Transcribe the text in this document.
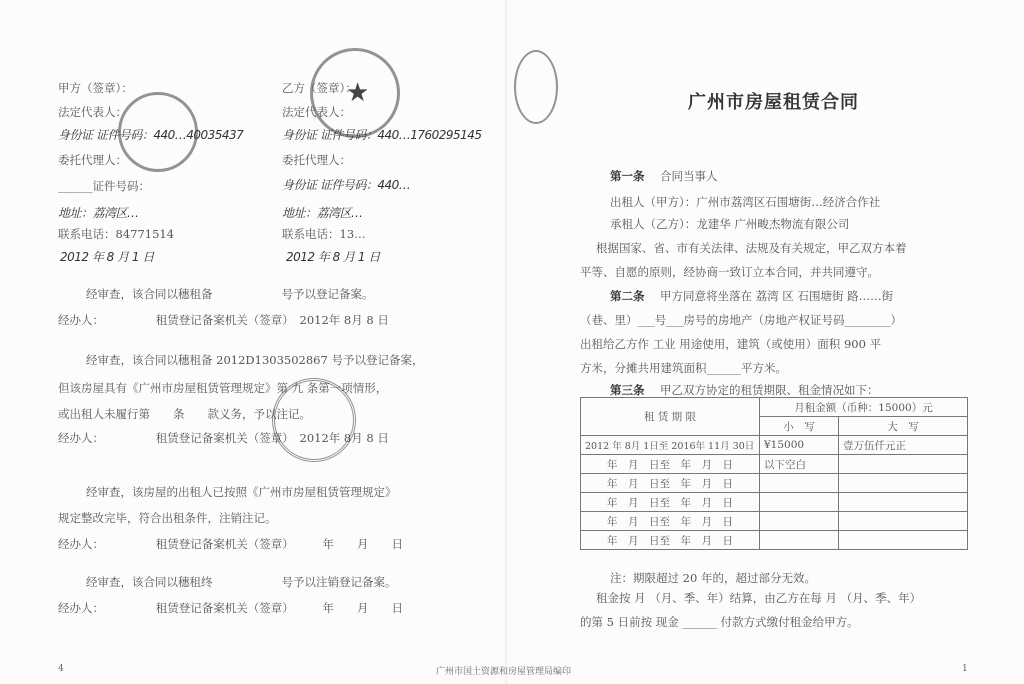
甲方（签章）：	乙方（签章）：
法定代表人：	法定代表人：
身份证 证件号码：440…40035437	身份证 证件号码：440…1760295145
委托代理人：	委托代理人：
______证件号码：	身份证 证件号码：440…
地址：荔湾区…	地址：荔湾区…
联系电话：84771514	联系电话：13…
2012 年 8 月 1 日	2012 年 8 月 1 日
★
经审查，该合同以穗租备　　　　　　号予以登记备案。
经办人：　　　　　租赁登记备案机关（签章）　2012年 8月 8 日
经审查，该合同以穗租备 2012D1303502867 号予以登记备案，
但该房屋具有《广州市房屋租赁管理规定》第 九 条第一项情形，
或出租人未履行第　　条　　款义务，予以注记。
经办人：　　　　　租赁登记备案机关（签章）　2012年 8月 8 日
经审查，该房屋的出租人已按照《广州市房屋租赁管理规定》
规定整改完毕，符合出租条件，注销注记。
经办人：　　　　　租赁登记备案机关（签章）　　　年　　月　　日
经审查，该合同以穗租终　　　　　　号予以注销登记备案。
经办人：　　　　　租赁登记备案机关（签章）　　　年　　月　　日
4
广州市房屋租赁合同
第一条 合同当事人
出租人（甲方）：广州市荔湾区石围塘街…经济合作社
承租人（乙方）：龙建华 广州畯杰物流有限公司
根据国家、省、市有关法律、法规及有关规定，甲乙双方本着
平等、自愿的原则，经协商一致订立本合同，并共同遵守。
第二条 甲方同意将坐落在 荔湾 区 石围塘街 路……街
（巷、里）___号___房号的房地产（房地产权证号码________）
出租给乙方作 工业 用途使用，建筑（或使用）面积 900 平
方米，分摊共用建筑面积______平方米。
第三条 甲乙双方协定的租赁期限、租金情况如下：
租 赁 期 限	月租金额（币种：15000）元	
	小　写	大　写
2012 年 8月 1日至 2016年 11月 30日	¥15000	壹万伍仟元正
年　月　日至　年　月　日	以下空白	
年　月　日至　年　月　日		
年　月　日至　年　月　日		
年　月　日至　年　月　日		
年　月　日至　年　月　日		
注：期限超过 20 年的，超过部分无效。
租金按 月 （月、季、年）结算，由乙方在每 月 （月、季、年）
的第 5 日前按 现金 ______ 付款方式缴付租金给甲方。
广州市国土资源和房屋管理局编印	1
